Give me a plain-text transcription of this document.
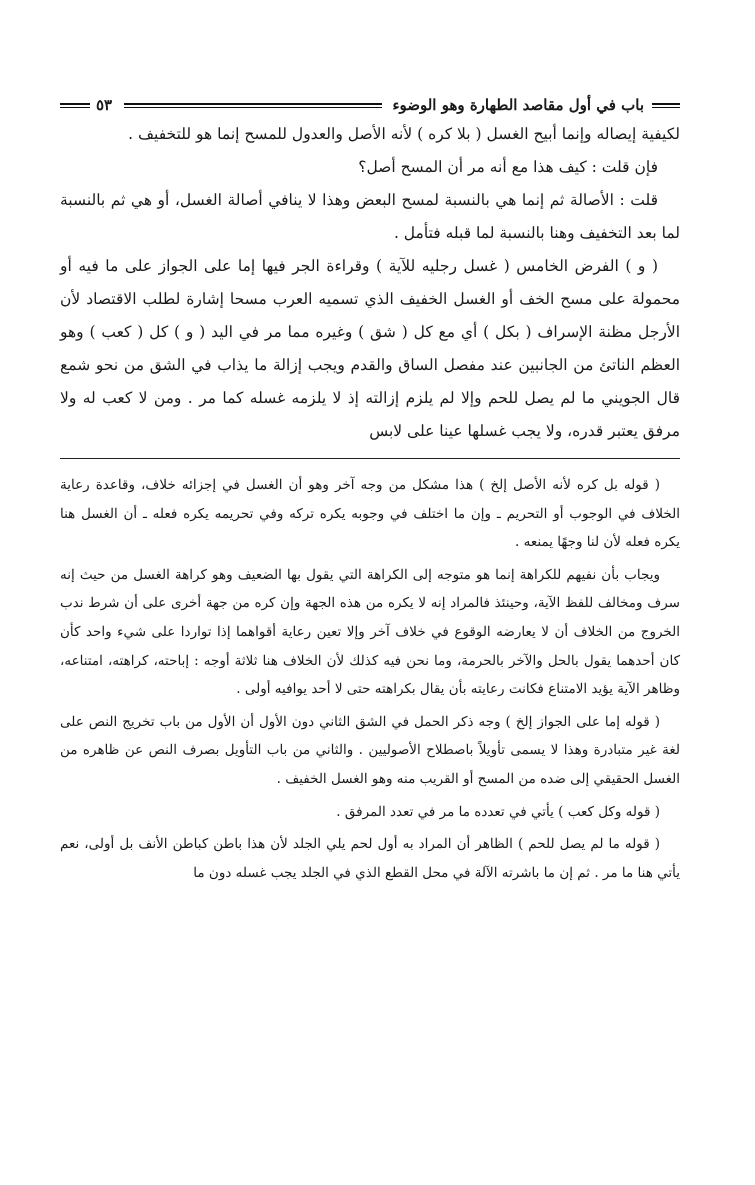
باب في أول مقاصد الطهارة وهو الوضوء
٥٣

لكيفية إيصاله وإنما أبيح الغسل ( بلا كره ) لأنه الأصل والعدول للمسح إنما هو للتخفيف .

فإن قلت : كيف هذا مع أنه مر أن المسح أصل؟

قلت : الأصالة ثم إنما هي بالنسبة لمسح البعض وهذا لا ينافي أصالة الغسل، أو هي ثم بالنسبة لما بعد التخفيف وهنا بالنسبة لما قبله فتأمل .

( و ) الفرض الخامس ( غسل رجليه للآية ) وقراءة الجر فيها إما على الجواز على ما فيه أو محمولة على مسح الخف أو الغسل الخفيف الذي تسميه العرب مسحا إشارة لطلب الاقتصاد لأن الأرجل مظنة الإسراف ( بكل ) أي مع كل ( شق ) وغيره مما مر في اليد ( و ) كل ( كعب ) وهو العظم الناتئ من الجانبين عند مفصل الساق والقدم ويجب إزالة ما يذاب في الشق من نحو شمع قال الجويني ما لم يصل للحم وإلا لم يلزم إزالته إذ لا يلزمه غسله كما مر . ومن لا كعب له ولا مرفق يعتبر قدره، ولا يجب غسلها عينا على لابس

( قوله بل كره لأنه الأصل إلخ ) هذا مشكل من وجه آخر وهو أن الغسل في إجزائه خلاف، وقاعدة رعاية الخلاف في الوجوب أو التحريم ـ وإن ما اختلف في وجوبه يكره تركه وفي تحريمه يكره فعله ـ أن الغسل هنا يكره فعله لأن لنا وجهًا يمنعه .

ويجاب بأن نفيهم للكراهة إنما هو متوجه إلى الكراهة التي يقول بها الضعيف وهو كراهة الغسل من حيث إنه سرف ومخالف للفظ الآية، وحينئذ فالمراد إنه لا يكره من هذه الجهة وإن كره من جهة أخرى على أن شرط ندب الخروج من الخلاف أن لا يعارضه الوقوع في خلاف آخر وإلا تعين رعاية أقواهما إذا تواردا على شيء واحد كأن كان أحدهما يقول بالحل والآخر بالحرمة، وما نحن فيه كذلك لأن الخلاف هنا ثلاثة أوجه : إباحته، كراهته، امتناعه، وظاهر الآية يؤيد الامتناع فكانت رعايته بأن يقال بكراهته حتى لا أحد يوافيه أولى .

( قوله إما على الجواز إلخ ) وجه ذكر الحمل في الشق الثاني دون الأول أن الأول من باب تخريج النص على لغة غير متبادرة وهذا لا يسمى تأويلاً باصطلاح الأصوليين . والثاني من باب التأويل بصرف النص عن ظاهره من الغسل الحقيقي إلى ضده من المسح أو القريب منه وهو الغسل الخفيف .

( قوله وكل كعب ) يأتي في تعدده ما مر في تعدد المرفق .

( قوله ما لم يصل للحم ) الظاهر أن المراد به أول لحم يلي الجلد لأن هذا باطن كباطن الأنف بل أولى، نعم يأتي هنا ما مر . ثم إن ما باشرته الآلة في محل القطع الذي في الجلد يجب غسله دون ما
